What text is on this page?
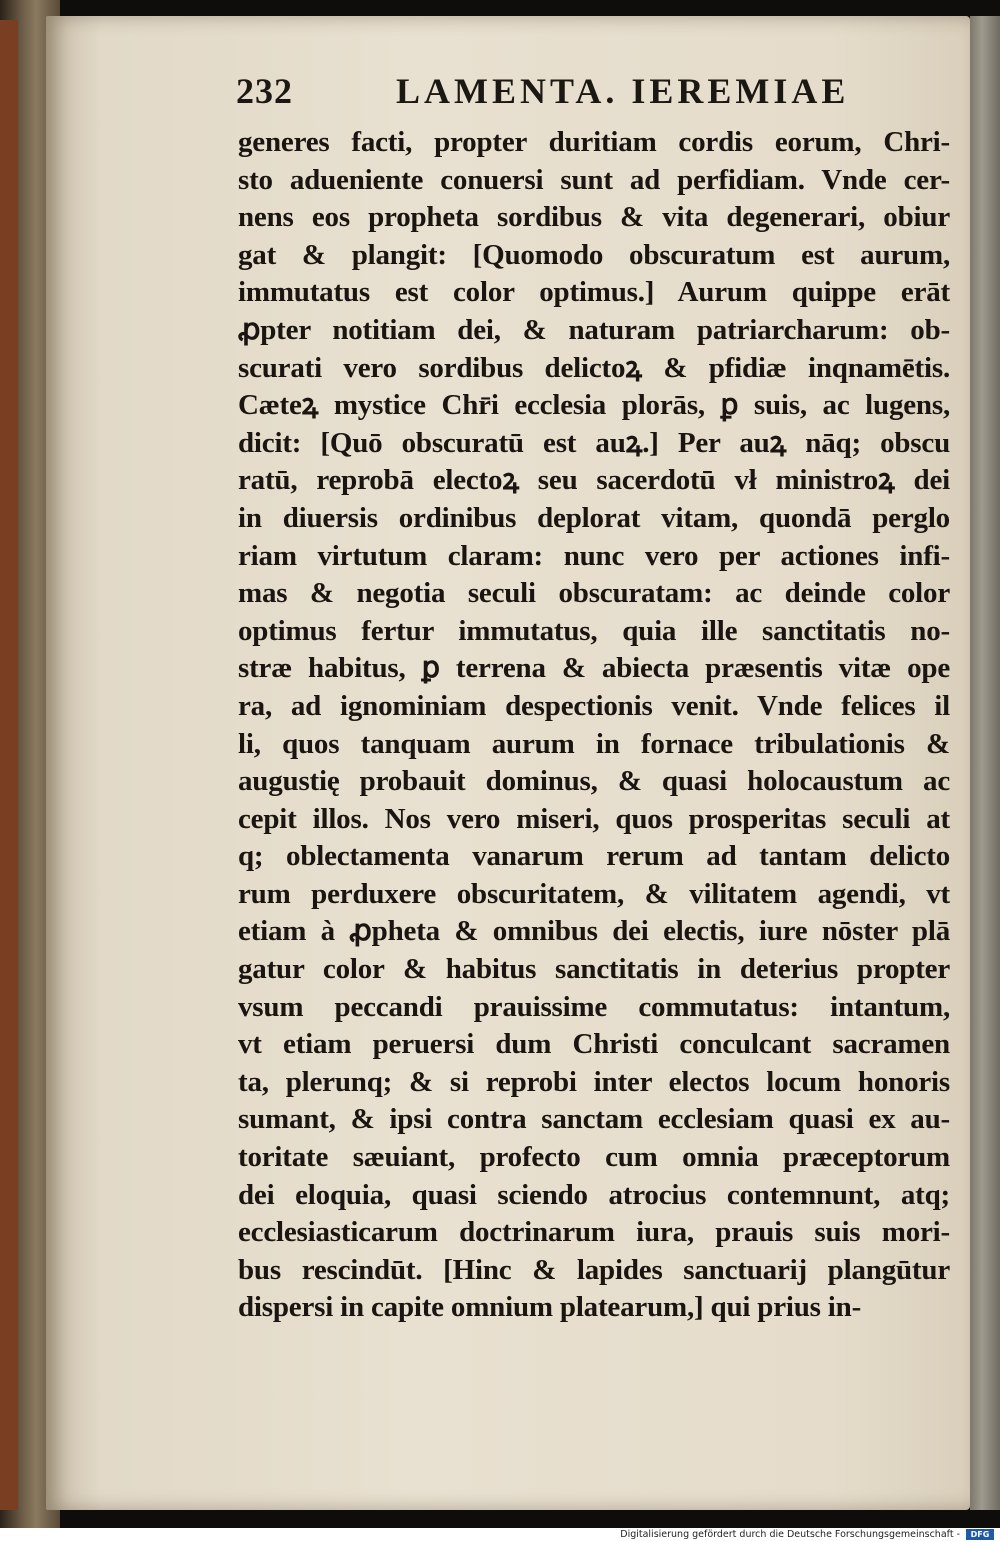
232	LAMENTA. IEREMIAE
generes facti, propter duritiam cordis eorum, Chri-
sto aduenientе conuersi sunt ad perfidiam. Vnde cer-
nens eos propheta sordibus & vita degenerari, obiur
gat & plangit: [Quomodo obscuratum est aurum,
immutatus est color optimus.] Aurum quippe erāt
ꝓpter notitiam dei, & naturam patriarcharum: ob-
scurati vero sordibus delictoꝝ & pfidiæ inqnamētis.
Cæteꝝ mystice Chr̄i ecclesia plorās, ꝑ suis, ac lugens,
dicit: [Quō obscuratū est auꝝ.] Per auꝝ nāq; obscu
ratū, reprobā electoꝝ seu sacerdotū vł ministroꝝ dei
in diuersis ordinibus deplorat vitam, quondā perglo
riam virtutum claram: nunc vero per actiones infi-
mas & negotia seculi obscuratam: ac deinde color
optimus fertur immutatus, quia ille sanctitatis no-
stræ habitus, ꝑ terrena & abiecta præsentis vitæ ope
ra, ad ignominiam despectionis venit. Vnde felices il
li, quos tanquam aurum in fornace tribulationis &
augustię probauit dominus, & quasi holocaustum ac
cepit illos. Nos vero miseri, quos prosperitas seculi at
q; oblectamenta vanarum rerum ad tantam delicto
rum perduxere obscuritatem, & vilitatem agendi, vt
etiam à ꝓpheta & omnibus dei electis, iure nōster plā
gatur color & habitus sanctitatis in deterius propter
vsum peccandi prauissime commutatus: intantum,
vt etiam peruersi dum Christi conculcant sacramen
ta, plerunq; & si reprobi inter electos locum honoris
sumant, & ipsi contra sanctam ecclesiam quasi ex au-
toritate sæuiant, profecto cum omnia præceptorum
dei eloquia, quasi sciendo atrocius contemnunt, atq;
ecclesiasticarum doctrinarum iura, prauis suis mori-
bus rescindūt. [Hinc & lapides sanctuarij plangūtur
dispersi in capite omnium platearum,] qui prius in-
Digitalisierung gefördert durch die Deutsche Forschungsgemeinschaft -	DFG
